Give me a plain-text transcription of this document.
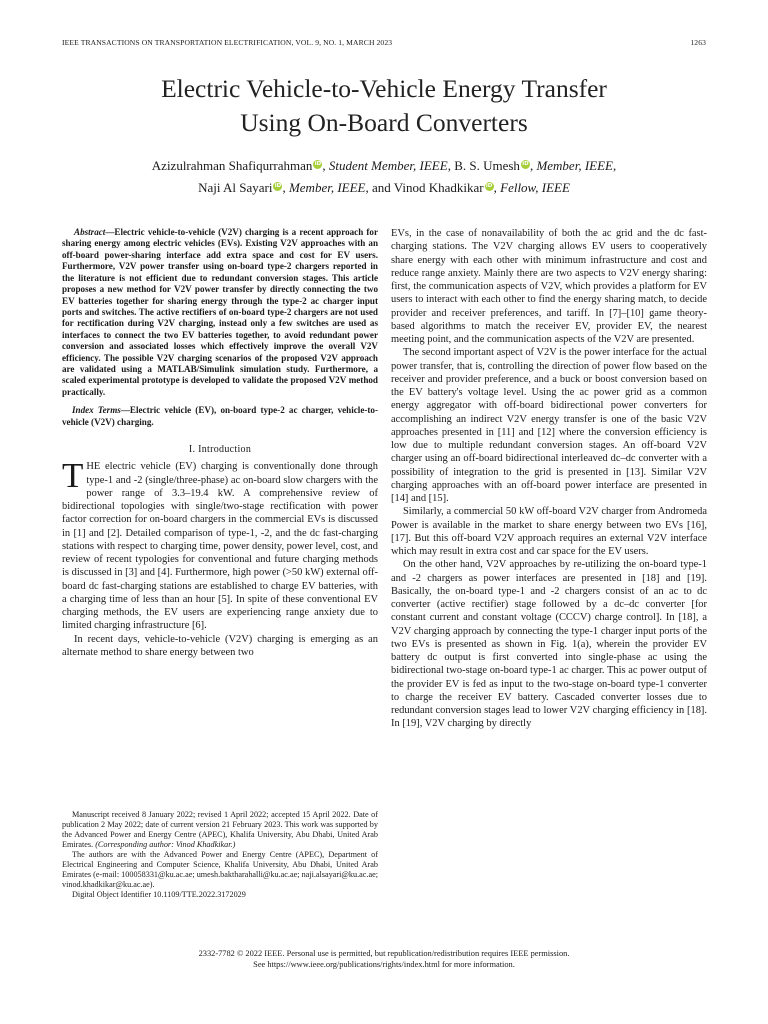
IEEE TRANSACTIONS ON TRANSPORTATION ELECTRIFICATION, VOL. 9, NO. 1, MARCH 2023	1263
Electric Vehicle-to-Vehicle Energy Transfer
Using On-Board Converters
Azizulrahman Shafiqurrahman iD, Student Member, IEEE, B. S. Umesh iD, Member, IEEE,
Naji Al Sayari iD, Member, IEEE, and Vinod Khadkikar iD, Fellow, IEEE

Abstract—Electric vehicle-to-vehicle (V2V) charging is a recent approach for sharing energy among electric vehicles (EVs). Existing V2V approaches with an off-board power-sharing interface add extra space and cost for EV users. Furthermore, V2V power transfer using on-board type-2 chargers reported in the literature is not efficient due to redundant conversion stages. This article proposes a new method for V2V power transfer by directly connecting the two EV batteries together for sharing energy through the type-2 ac charger input ports and switches. The active rectifiers of on-board type-2 chargers are not used for rectification during V2V charging, instead only a few switches are used as interfaces to connect the two EV batteries together, to avoid redundant power conversion and associated losses which effectively improve the overall V2V efficiency. The possible V2V charging scenarios of the proposed V2V approach are validated using a MATLAB/Simulink simulation study. Furthermore, a scaled experimental prototype is developed to validate the proposed V2V method practically.

Index Terms—Electric vehicle (EV), on-board type-2 ac charger, vehicle-to-vehicle (V2V) charging.

I. Introduction

THE electric vehicle (EV) charging is conventionally done through type-1 and -2 (single/three-phase) ac on-board slow chargers with the power range of 3.3–19.4 kW. A comprehensive review of bidirectional topologies with single/two-stage rectification with power factor correction for on-board chargers in the commercial EVs is discussed in [1] and [2]. Detailed comparison of type-1, -2, and the dc fast-charging stations with respect to charging time, power density, power level, cost, and review of recent typologies for conventional and future charging methods is discussed in [3] and [4]. Furthermore, high power (>50 kW) external off-board dc fast-charging stations are established to charge EV batteries, with a charging time of less than an hour [5]. In spite of these conventional EV charging methods, the EV users are experiencing range anxiety due to limited charging infrastructure [6].

In recent days, vehicle-to-vehicle (V2V) charging is emerging as an alternate method to share energy between two

Manuscript received 8 January 2022; revised 1 April 2022; accepted 15 April 2022. Date of publication 2 May 2022; date of current version 21 February 2023. This work was supported by the Advanced Power and Energy Centre (APEC), Khalifa University, Abu Dhabi, United Arab Emirates. (Corresponding author: Vinod Khadkikar.)

The authors are with the Advanced Power and Energy Centre (APEC), Department of Electrical Engineering and Computer Science, Khalifa University, Abu Dhabi, United Arab Emirates (e-mail: 100058331@ku.ac.ae; umesh.baktharahalli@ku.ac.ae; naji.alsayari@ku.ac.ae; vinod.khadkikar@ku.ac.ae).

Digital Object Identifier 10.1109/TTE.2022.3172029

EVs, in the case of nonavailability of both the ac grid and the dc fast-charging stations. The V2V charging allows EV users to cooperatively share energy with each other with minimum infrastructure and cost and reduce range anxiety. Mainly there are two aspects to V2V energy sharing: first, the communication aspects of V2V, which provides a platform for EV users to interact with each other to find the energy sharing match, to decide provider and receiver preferences, and tariff. In [7]–[10] game theory-based algorithms to match the receiver EV, provider EV, the nearest meeting point, and the communication aspects of the V2V are presented.

The second important aspect of V2V is the power interface for the actual power transfer, that is, controlling the direction of power flow based on the receiver and provider preference, and a buck or boost conversion based on the EV battery's voltage level. Using the ac power grid as a common energy aggregator with off-board bidirectional power converters for accomplishing an indirect V2V energy transfer is one of the basic V2V approaches presented in [11] and [12] where the conversion efficiency is low due to multiple redundant conversion stages. An off-board V2V charger using an off-board bidirectional interleaved dc–dc converter with a possibility of integration to the grid is presented in [13]. Similar V2V charging approaches with an off-board power interface are presented in [14] and [15].

Similarly, a commercial 50 kW off-board V2V charger from Andromeda Power is available in the market to share energy between two EVs [16], [17]. But this off-board V2V approach requires an external V2V interface which may result in extra cost and car space for the EV users.

On the other hand, V2V approaches by re-utilizing the on-board type-1 and -2 chargers as power interfaces are presented in [18] and [19]. Basically, the on-board type-1 and -2 chargers consist of an ac to dc converter (active rectifier) stage followed by a dc–dc converter [for constant current and constant voltage (CCCV) charge control]. In [18], a V2V charging approach by connecting the type-1 charger input ports of the two EVs is presented as shown in Fig. 1(a), wherein the provider EV battery dc output is first converted into single-phase ac using the bidirectional two-stage on-board type-1 ac charger. This ac power output of the provider EV is fed as input to the two-stage on-board type-1 converter to charge the receiver EV battery. Cascaded converter losses due to redundant conversion stages lead to lower V2V charging efficiency in [18]. In [19], V2V charging by directly

2332-7782 © 2022 IEEE. Personal use is permitted, but republication/redistribution requires IEEE permission.
See https://www.ieee.org/publications/rights/index.html for more information.
